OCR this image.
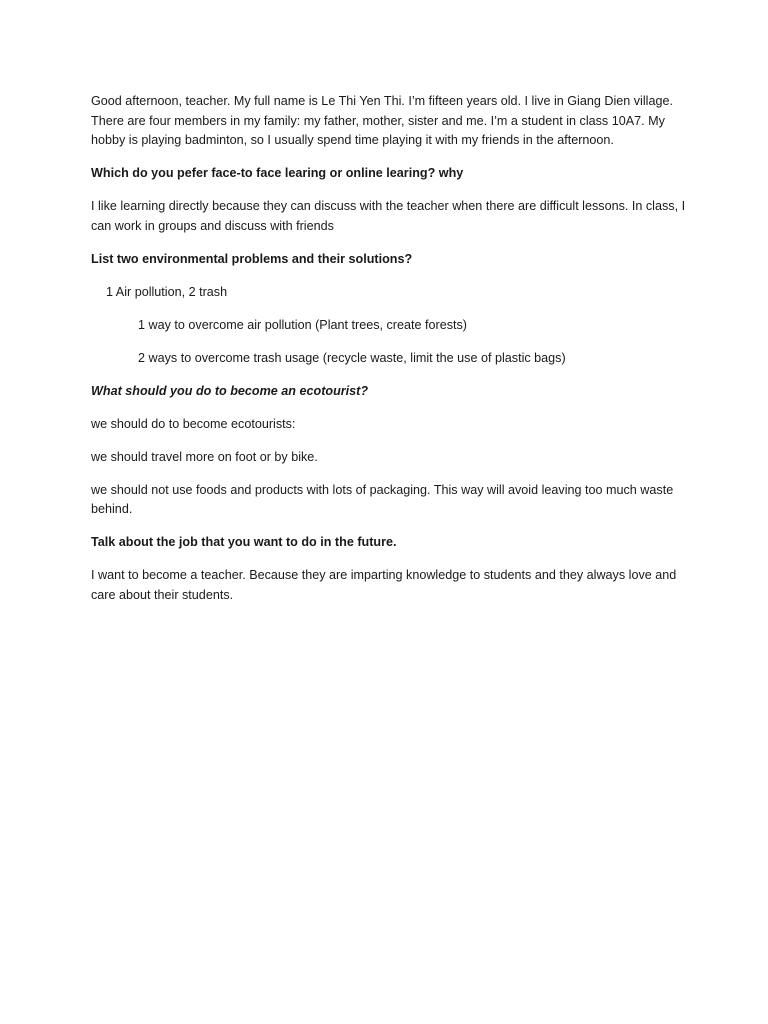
Good afternoon, teacher. My full name is Le Thi Yen Thi. I’m fifteen years old. I live in Giang Dien village. There are four members in my family: my father, mother, sister and me. I’m a student in class 10A7. My hobby is playing badminton, so I usually spend time playing it with my friends in the afternoon.

Which do you pefer face-to face learing or online learing? why

I like learning directly because they can discuss with the teacher when there are difficult lessons. In class, I can work in groups and discuss with friends

List two environmental problems and their solutions?

1 Air pollution, 2 trash

1 way to overcome air pollution (Plant trees, create forests)

2 ways to overcome trash usage (recycle waste, limit the use of plastic bags)

What should you do to become an ecotourist?

we should do to become ecotourists:

we should travel more on foot or by bike.

we should not use foods and products with lots of packaging. This way will avoid leaving too much waste behind.

Talk about the job that you want to do in the future.

I want to become a teacher. Because they are imparting knowledge to students and they always love and care about their students.
